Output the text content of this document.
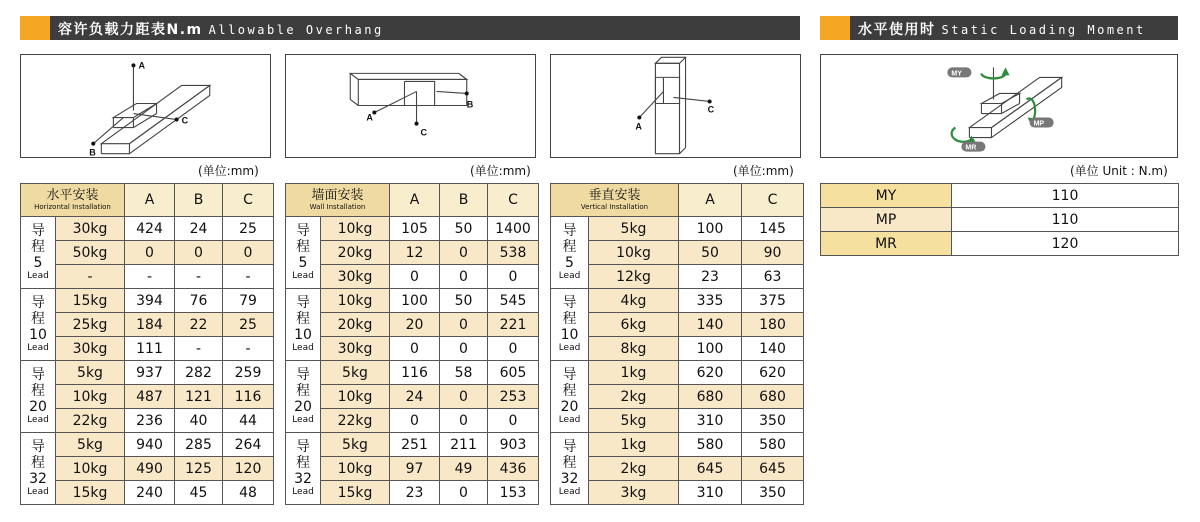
容许负载力距表N.m Allowable Overhang	水平使用时 Static Loading Moment
A
B
C	A
B
C
A
C
MY
MP
MR
(单位:mm)	(单位:mm)	(单位:mm)	(单位 Unit : N.m)
水平安装
Horizontal Installation		A	B	C

导
程
5
Lead	30kg	424	24	25
	50kg	0	0	0
	-	-	-	-

导
程
10
Lead	15kg	394	76	79
	25kg	184	22	25
	30kg	111	-	-

导
程
20
Lead	5kg	937	282	259
	10kg	487	121	116
	22kg	236	40	44

导
程
32
Lead	5kg	940	285	264
	10kg	490	125	120
	15kg	240	45	48
墙面安装
Wall Installation		A	B	C

导
程
5
Lead	10kg	105	50	1400
	20kg	12	0	538
	30kg	0	0	0

导
程
10
Lead	10kg	100	50	545
	20kg	20	0	221
	30kg	0	0	0

导
程
20
Lead	5kg	116	58	605
	10kg	24	0	253
	22kg	0	0	0

导
程
32
Lead	5kg	251	211	903
	10kg	97	49	436
	15kg	23	0	153
垂直安装
Vertical Installation		A	C

导
程
5
Lead	5kg	100	145
	10kg	50	90
	12kg	23	63

导
程
10
Lead	4kg	335	375
	6kg	140	180
	8kg	100	140

导
程
20
Lead	1kg	620	620
	2kg	680	680
	5kg	310	350

导
程
32
Lead	1kg	580	580
	2kg	645	645
	3kg	310	350
MY	110
MP	110
MR	120
